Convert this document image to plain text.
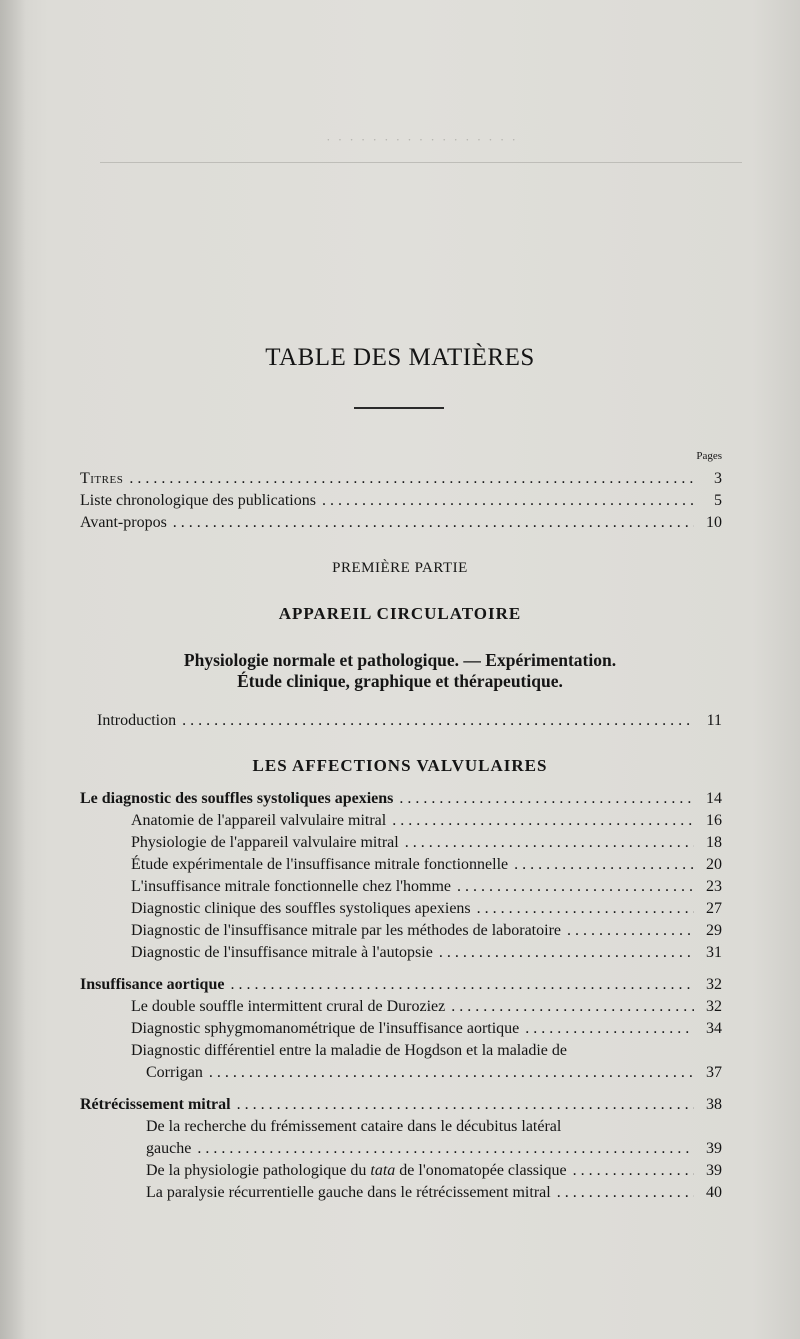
· · · · · · · · · · · · · · · · ·
TABLE DES MATIÈRES
Pages
Titres . . .	3
Liste chronologique des publications . . .	5
Avant-propos . . .	10
PREMIÈRE PARTIE
APPAREIL CIRCULATOIRE
Physiologie normale et pathologique. — Expérimentation.
Étude clinique, graphique et thérapeutique.
Introduction . . .	11
LES AFFECTIONS VALVULAIRES
Le diagnostic des souffles systoliques apexiens . . .	14
Anatomie de l'appareil valvulaire mitral . . .	16
Physiologie de l'appareil valvulaire mitral . . .	18
Étude expérimentale de l'insuffisance mitrale fonctionnelle . . .	20
L'insuffisance mitrale fonctionnelle chez l'homme . . .	23
Diagnostic clinique des souffles systoliques apexiens . . .	27
Diagnostic de l'insuffisance mitrale par les méthodes de laboratoire . . .	29
Diagnostic de l'insuffisance mitrale à l'autopsie . . .	31
Insuffisance aortique . . .	32
Le double souffle intermittent crural de Duroziez . . .	32
Diagnostic sphygmomanométrique de l'insuffisance aortique . . .	34
Diagnostic différentiel entre la maladie de Hogdson et la maladie de
Corrigan . . .	37
Rétrécissement mitral . . .	38
De la recherche du frémissement cataire dans le décubitus latéral
gauche . . .	39
De la physiologie pathologique du tata de l'onomatopée classique . . .	39
La paralysie récurrentielle gauche dans le rétrécissement mitral . . .	40
